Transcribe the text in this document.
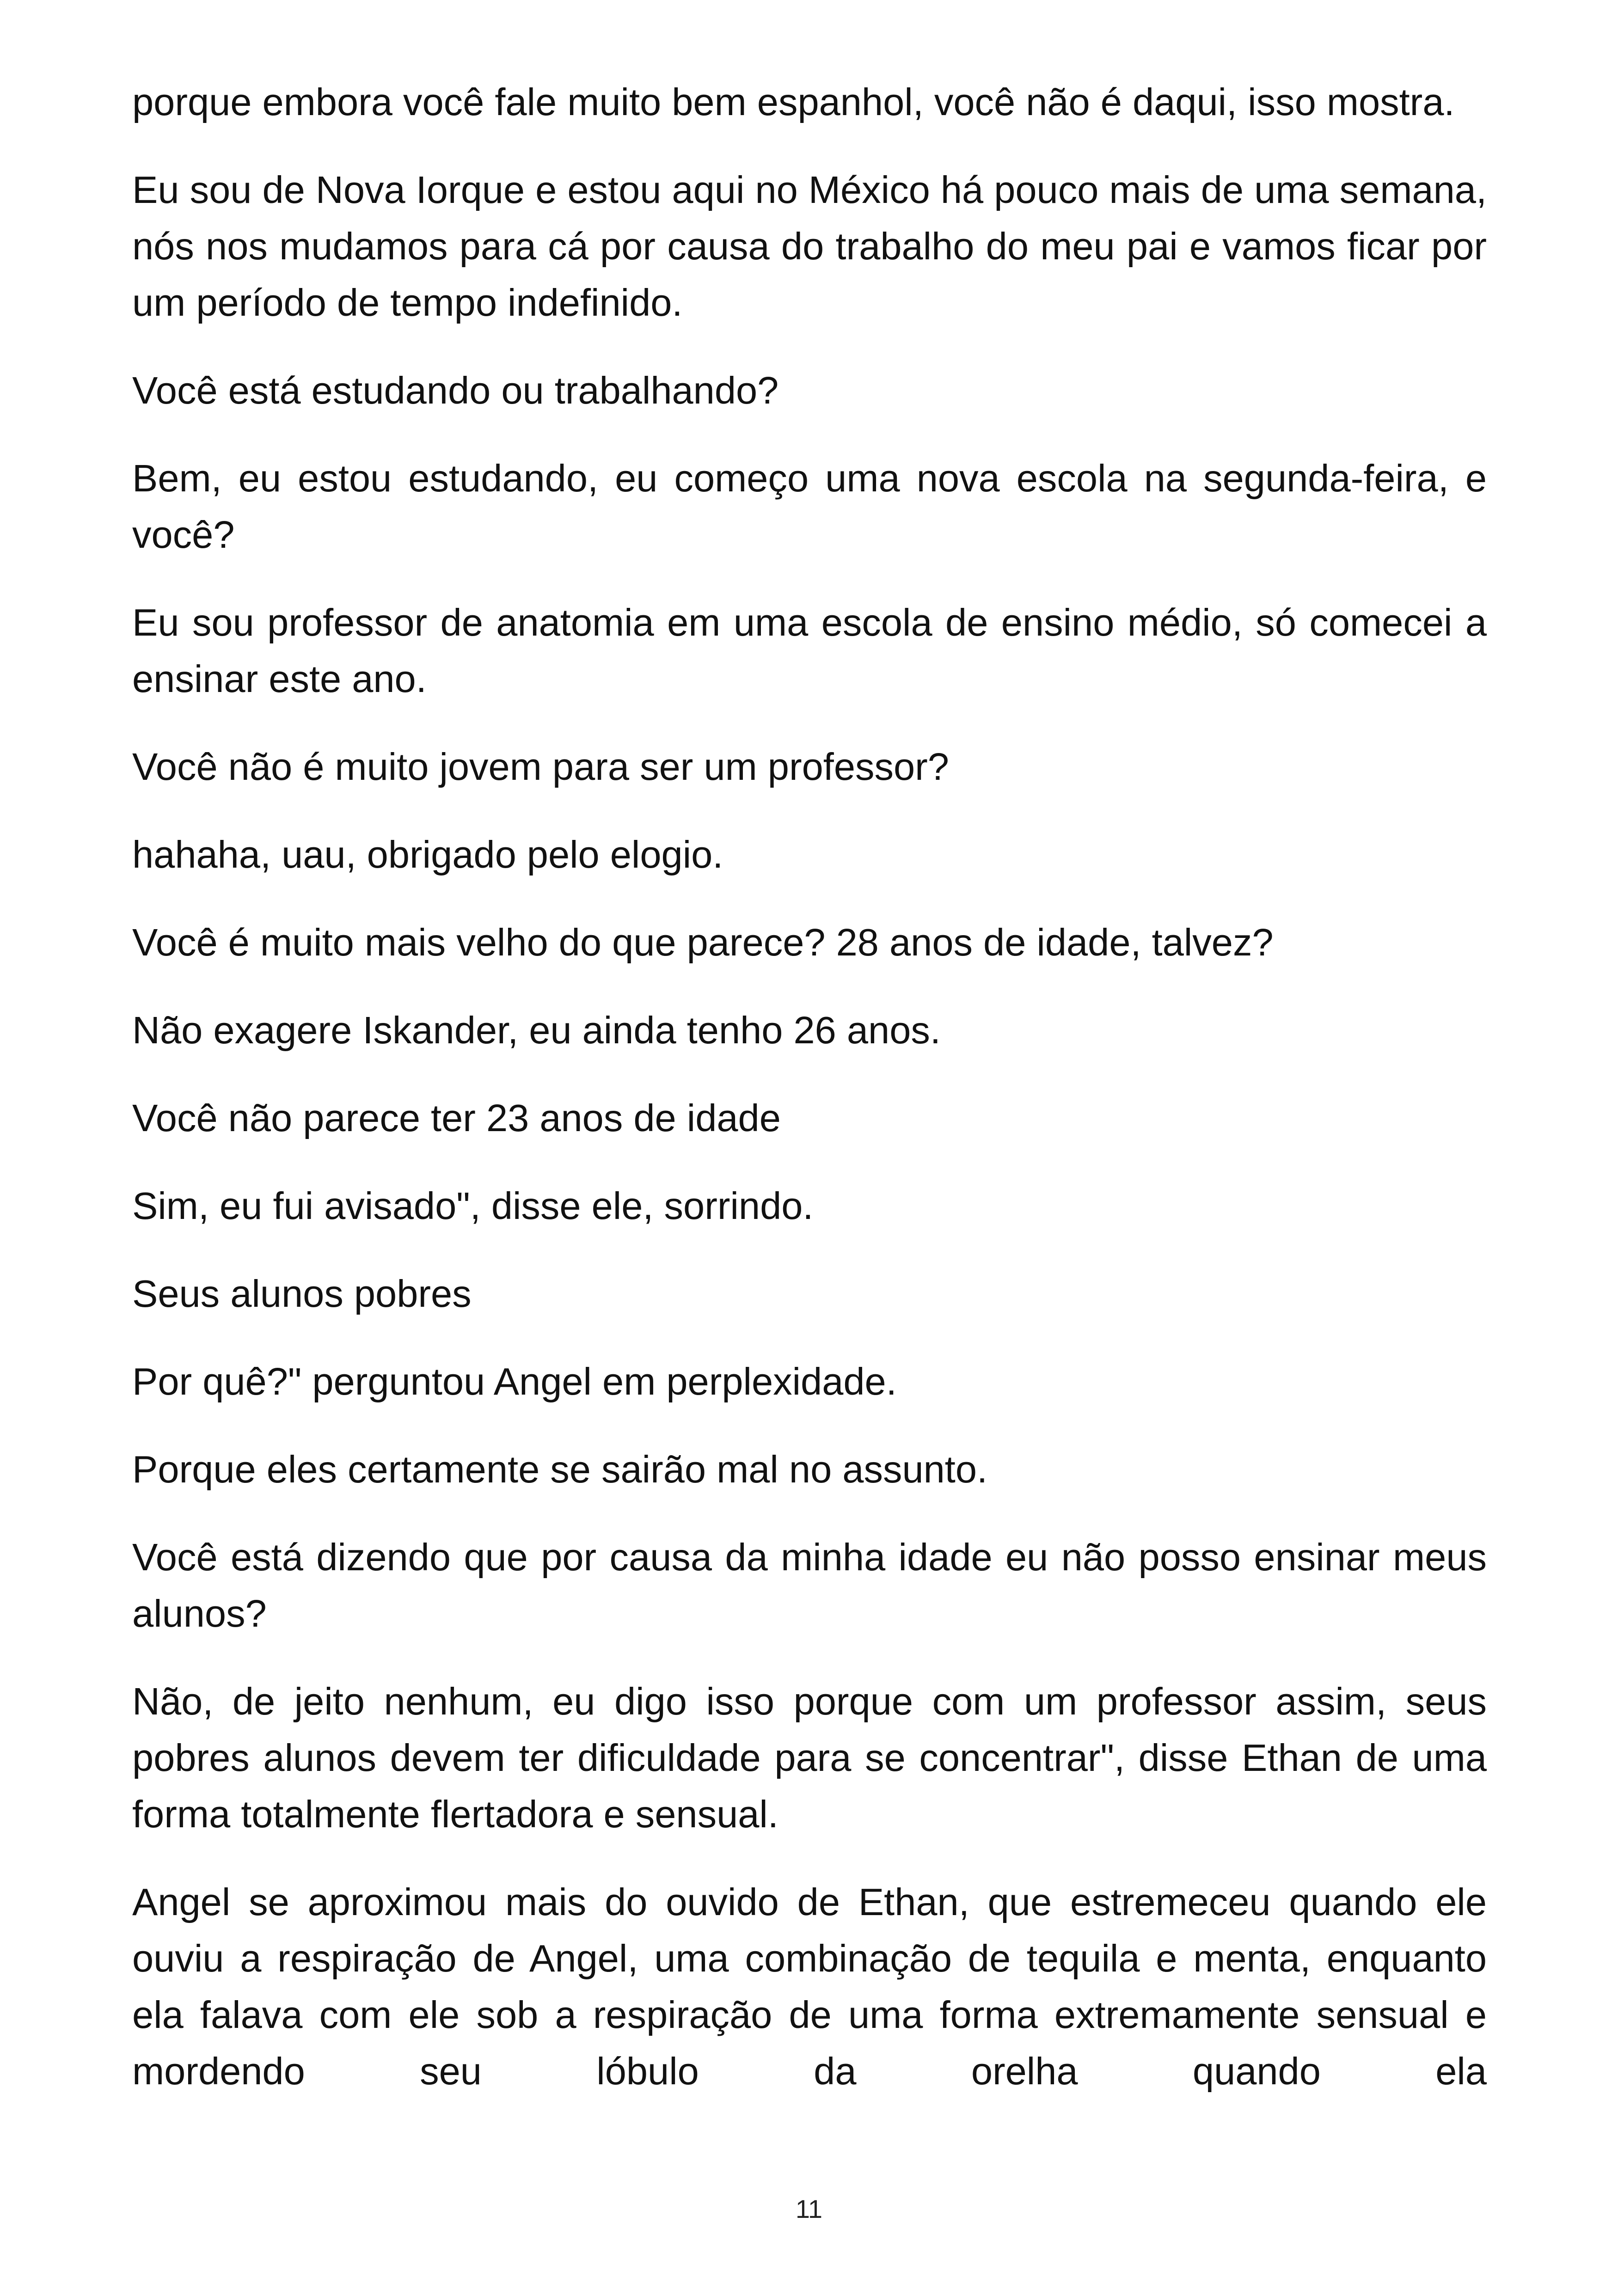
porque embora você fale muito bem espanhol, você não é daqui, isso mostra.

Eu sou de Nova Iorque e estou aqui no México há pouco mais de uma semana, nós nos mudamos para cá por causa do trabalho do meu pai e vamos ficar por um período de tempo indefinido.

Você está estudando ou trabalhando?

Bem, eu estou estudando, eu começo uma nova escola na segunda-feira, e você?

Eu sou professor de anatomia em uma escola de ensino médio, só comecei a ensinar este ano.

Você não é muito jovem para ser um professor?

hahaha, uau, obrigado pelo elogio.

Você é muito mais velho do que parece? 28 anos de idade, talvez?

Não exagere Iskander, eu ainda tenho 26 anos.

Você não parece ter 23 anos de idade

Sim, eu fui avisado", disse ele, sorrindo.

Seus alunos pobres

Por quê?" perguntou Angel em perplexidade.

Porque eles certamente se sairão mal no assunto.

Você está dizendo que por causa da minha idade eu não posso ensinar meus alunos?

Não, de jeito nenhum, eu digo isso porque com um professor assim, seus pobres alunos devem ter dificuldade para se concentrar", disse Ethan de uma forma totalmente flertadora e sensual.

Angel se aproximou mais do ouvido de Ethan, que estremeceu quando ele ouviu a respiração de Angel, uma combinação de tequila e menta, enquanto ela falava com ele sob a respiração de uma forma extremamente sensual e mordendo seu lóbulo da orelha quando ela

11
